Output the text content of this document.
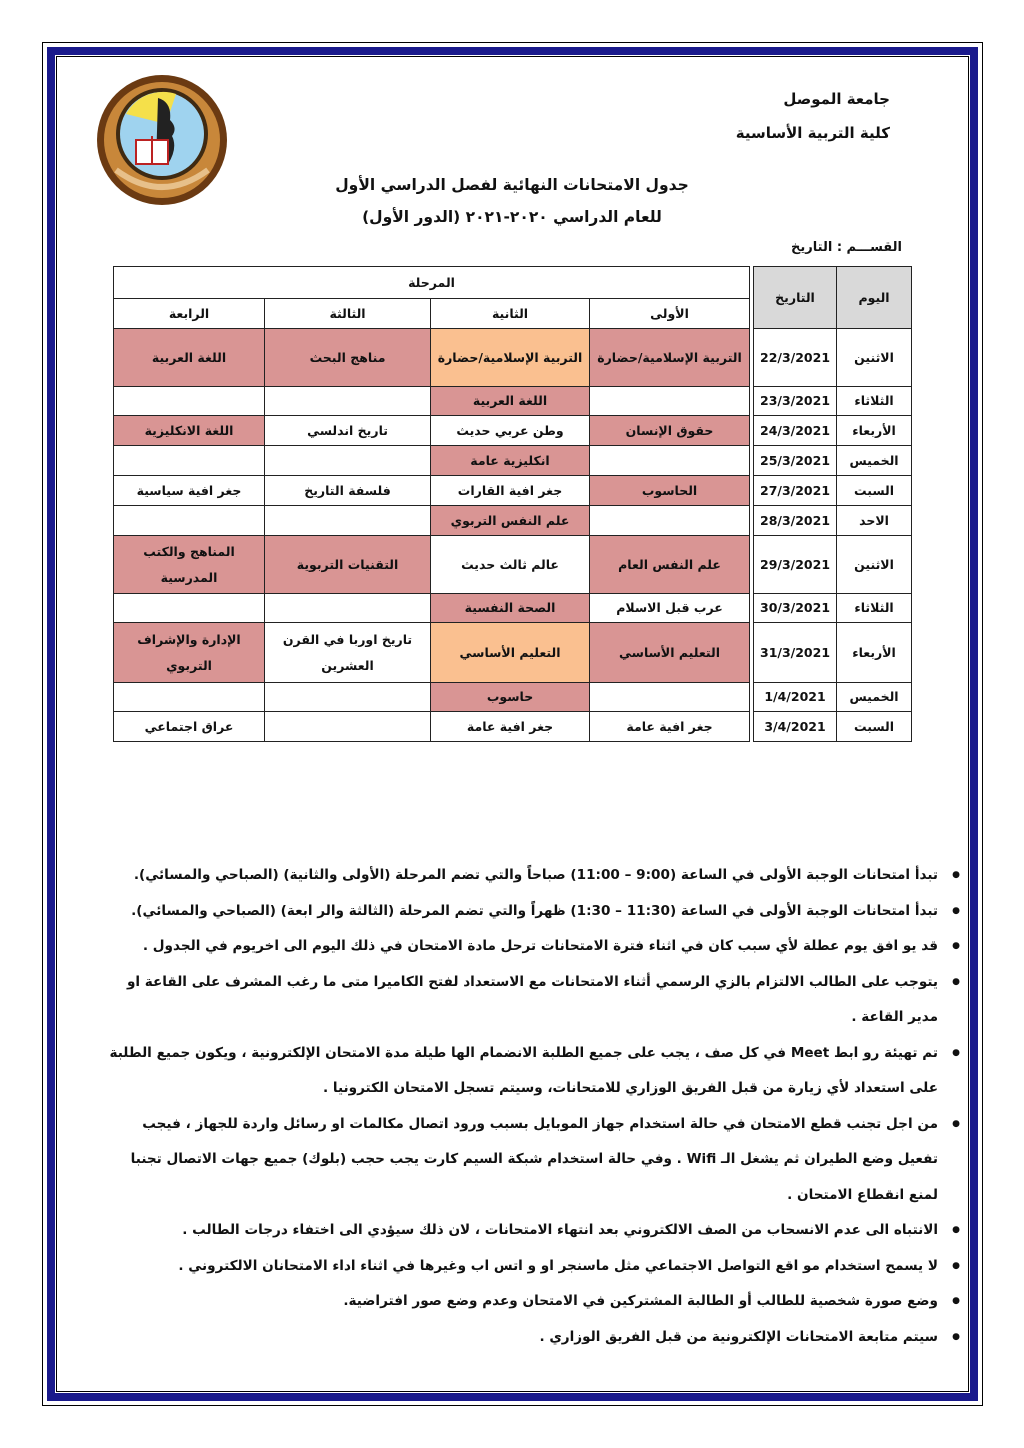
جامعة الموصل
كلية التربية الأساسية
جدول الامتحانات النهائية لفصل الدراسي الأول
للعام الدراسي ٢٠٢٠-٢٠٢١ (الدور الأول)
القســـم : التاريخ
اليوم	التاريخ		المرحلة			
			الأولى	الثانية	الثالثة	الرابعة
الاثنين	22/3/2021		التربية الإسلامية/حضارة	التربية الإسلامية/حضارة	مناهج البحث	اللغة العربية
الثلاثاء	23/3/2021			اللغة العربية		
الأربعاء	24/3/2021		حقوق الإنسان	وطن عربي حديث	تاريخ اندلسي	اللغة الانكليزية
الخميس	25/3/2021			انكليزية عامة		
السبت	27/3/2021		الحاسوب	جغر افية القارات	فلسفة التاريخ	جغر افية سياسية
الاحد	28/3/2021			علم النفس التربوي		
الاثنين	29/3/2021		علم النفس العام	عالم ثالث حديث	التقنيات التربوية	المناهج والكتب المدرسية
الثلاثاء	30/3/2021		عرب قبل الاسلام	الصحة النفسية		
الأربعاء	31/3/2021		التعليم الأساسي	التعليم الأساسي	تاريخ اوربا في القرن العشرين	الإدارة والإشراف التربوي
الخميس	1/4/2021			حاسوب		
السبت	3/4/2021		جغر افية عامة	جغر افية عامة		عراق اجتماعي
● تبدأ امتحانات الوجبة الأولى في الساعة (9:00 – 11:00) صباحاً والتي تضم المرحلة (الأولى والثانية) (الصباحي والمسائي).
● تبدأ امتحانات الوجبة الأولى في الساعة (11:30 – 1:30) ظهراً والتي تضم المرحلة (الثالثة والر ابعة) (الصباحي والمسائي).
● قد يو افق يوم عطلة لأي سبب كان في اثناء فترة الامتحانات ترحل مادة الامتحان في ذلك اليوم الى اخريوم في الجدول .
● يتوجب على الطالب الالتزام بالزي الرسمي أثناء الامتحانات مع الاستعداد لفتح الكاميرا متى ما رغب المشرف على القاعة او مدير القاعة .
● تم تهيئة رو ابط Meet في كل صف ، يجب على جميع الطلبة الانضمام الها طيلة مدة الامتحان الإلكترونية ، ويكون جميع الطلبة على استعداد لأي زيارة من قبل الفريق الوزاري للامتحانات، وسيتم تسجل الامتحان الكترونيا .
● من اجل تجنب قطع الامتحان في حالة استخدام جهاز الموبايل بسبب ورود اتصال مكالمات او رسائل واردة للجهاز ، فيجب تفعيل وضع الطيران ثم يشغل الـ Wifi . وفي حالة استخدام شبكة السيم كارت يجب حجب (بلوك) جميع جهات الاتصال تجنبا لمنع انقطاع الامتحان .
● الانتباه الى عدم الانسحاب من الصف الالكتروني بعد انتهاء الامتحانات ، لان ذلك سيؤدي الى اختفاء درجات الطالب .
● لا يسمح استخدام مو اقع التواصل الاجتماعي مثل ماسنجر او و اتس اب وغيرها في اثناء اداء الامتحانان الالكتروني .
● وضع صورة شخصية للطالب أو الطالبة المشتركين في الامتحان وعدم وضع صور افتراضية.
● سيتم متابعة الامتحانات الإلكترونية من قبل الفريق الوزاري .
